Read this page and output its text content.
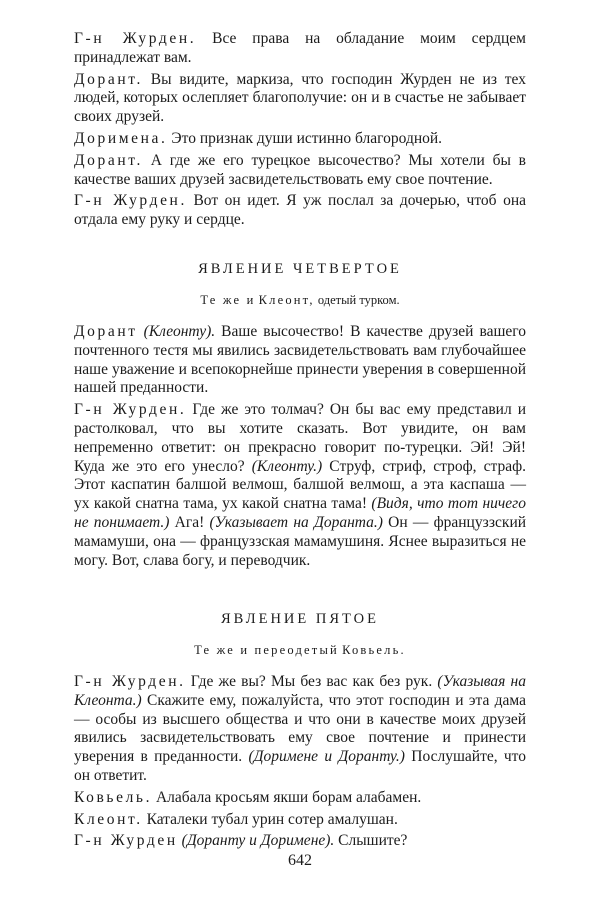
Г-н Журден. Все права на обладание моим сердцем принадлежат вам.

Дорант. Вы видите, маркиза, что господин Журден не из тех людей, которых ослепляет благополучие: он и в счастье не забывает своих друзей.

Доримена. Это признак души истинно благородной.

Дорант. А где же его турецкое высочество? Мы хотели бы в качестве ваших друзей засвидетельствовать ему свое почтение.

Г-н Журден. Вот он идет. Я уж послал за дочерью, чтоб она отдала ему руку и сердце.

ЯВЛЕНИЕ ЧЕТВЕРТОЕ
Те же и Клеонт, одетый турком.

Дорант (Клеонту). Ваше высочество! В качестве друзей вашего почтенного тестя мы явились засвидетельствовать вам глубочайшее наше уважение и всепокорнейше принести уверения в совершенной нашей преданности.

Г-н Журден. Где же это толмач? Он бы вас ему представил и растолковал, что вы хотите сказать. Вот увидите, он вам непременно ответит: он прекрасно говорит по-турецки. Эй! Эй! Куда же это его унесло? (Клеонту.) Струф, стриф, строф, страф. Этот каспатин балшой велмош, балшой велмош, а эта каспаша — ух какой снатна тама, ух какой снатна тама! (Видя, что тот ничего не понимает.) Ага! (Указывает на Доранта.) Он — француззский мамамуши, она — француззская мамамушиня. Яснее выразиться не могу. Вот, слава богу, и переводчик.

ЯВЛЕНИЕ ПЯТОЕ
Те же и переодетый Ковьель.

Г-н Журден. Где же вы? Мы без вас как без рук. (Указывая на Клеонта.) Скажите ему, пожалуйста, что этот господин и эта дама — особы из высшего общества и что они в качестве моих друзей явились засвидетельствовать ему свое почтение и принести уверения в преданности. (Доримене и Доранту.) Послушайте, что он ответит.

Ковьель. Алабала кросьям якши борам алабамен.

Клеонт. Каталеки тубал урин сотер амалушан.

Г-н Журден (Доранту и Доримене). Слышите?

642
